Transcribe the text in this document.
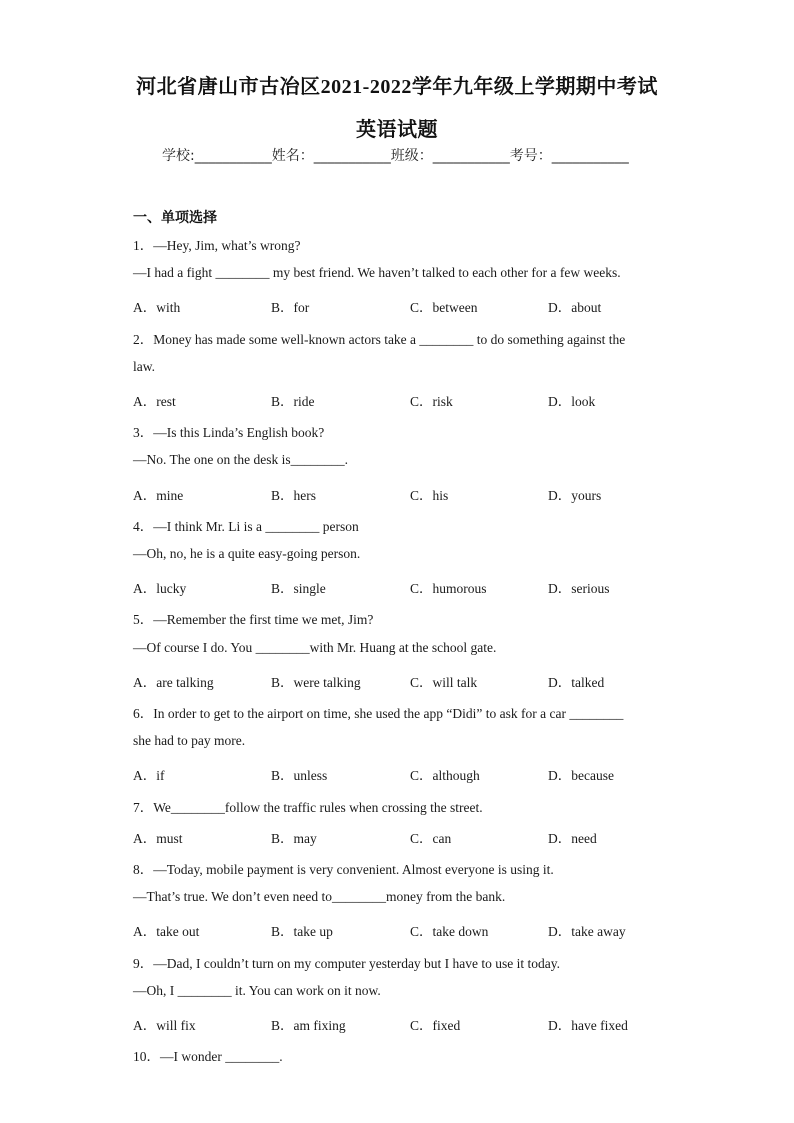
河北省唐山市古冶区2021-2022学年九年级上学期期中考试
英语试题
学校:___________姓名：___________班级：___________考号：___________
一、单项选择
1．—Hey, Jim, what’s wrong?
—I had a fight ________ my best friend. We haven’t talked to each other for a few weeks.
A．with	B．for	C．between	D．about
2．Money has made some well-known actors take a ________ to do something against the
law.
A．rest	B．ride	C．risk	D．look
3．—Is this Linda’s English book?
—No. The one on the desk is________.
A．mine	B．hers	C．his	D．yours
4．—I think Mr. Li is a ________ person
—Oh, no, he is a quite easy-going person.
A．lucky	B．single	C．humorous	D．serious
5．—Remember the first time we met, Jim?
—Of course I do. You ________with Mr. Huang at the school gate.
A．are talking	B．were talking	C．will talk	D．talked
6．In order to get to the airport on time, she used the app “Didi” to ask for a car ________
she had to pay more.
A．if	B．unless	C．although	D．because
7．We________follow the traffic rules when crossing the street.
A．must	B．may	C．can	D．need
8．—Today, mobile payment is very convenient. Almost everyone is using it.
—That’s true. We don’t even need to________money from the bank.
A．take out	B．take up	C．take down	D．take away
9．—Dad, I couldn’t turn on my computer yesterday but I have to use it today.
—Oh, I ________ it. You can work on it now.
A．will fix	B．am fixing	C．fixed	D．have fixed
10．—I wonder ________.
